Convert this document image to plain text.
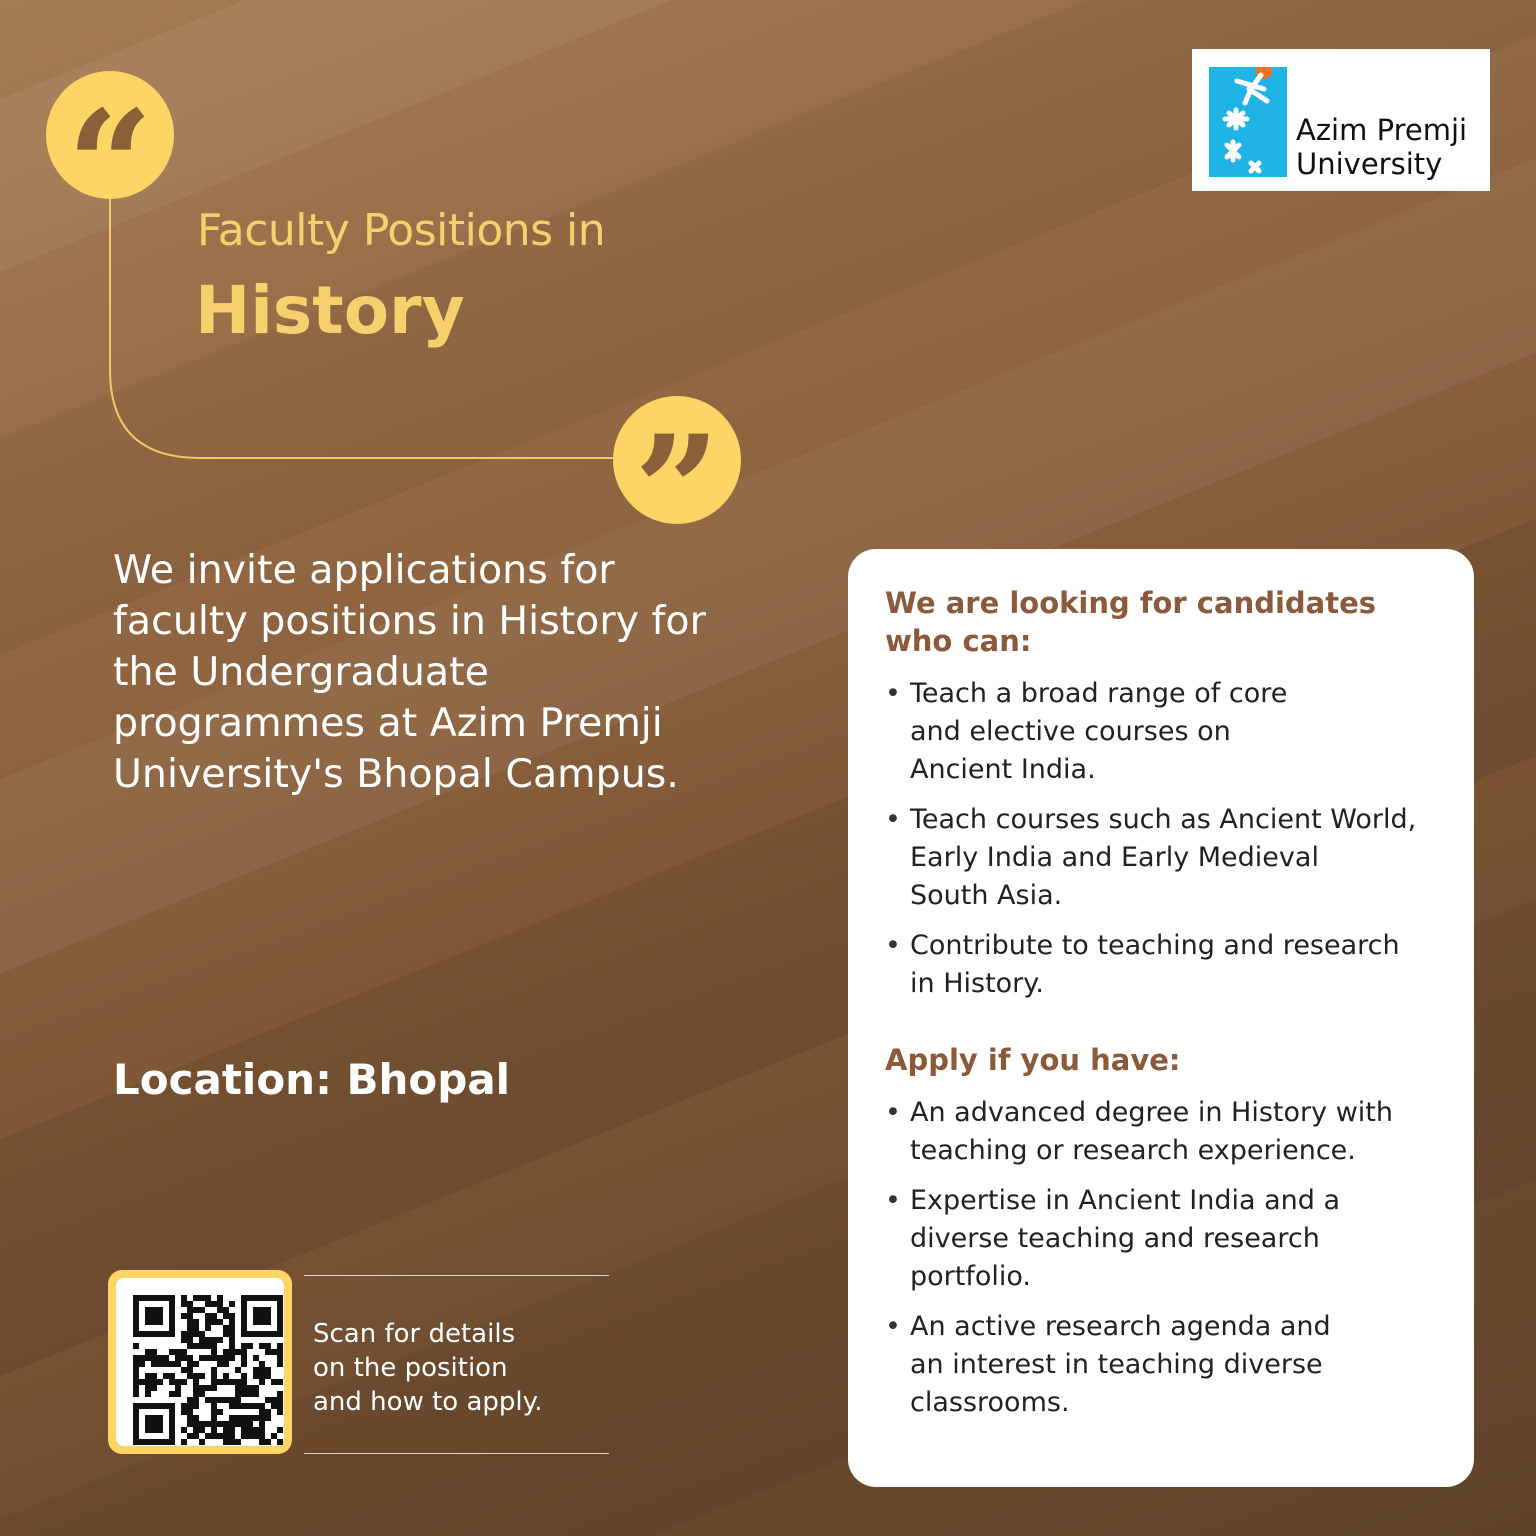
“
”
Faculty Positions in
History
Azim Premji
University

We invite applications for faculty positions in History for the Undergraduate programmes at Azim Premji University's Bhopal Campus.

Location: Bhopal

Scan for details
on the position
and how to apply.

We are looking for candidates who can:
• Teach a broad range of core
and elective courses on
Ancient India.
• Teach courses such as Ancient World,
Early India and Early Medieval
South Asia.
• Contribute to teaching and research
in History.
Apply if you have:
• An advanced degree in History with
teaching or research experience.
• Expertise in Ancient India and a
diverse teaching and research
portfolio.
• An active research agenda and
an interest in teaching diverse
classrooms.
